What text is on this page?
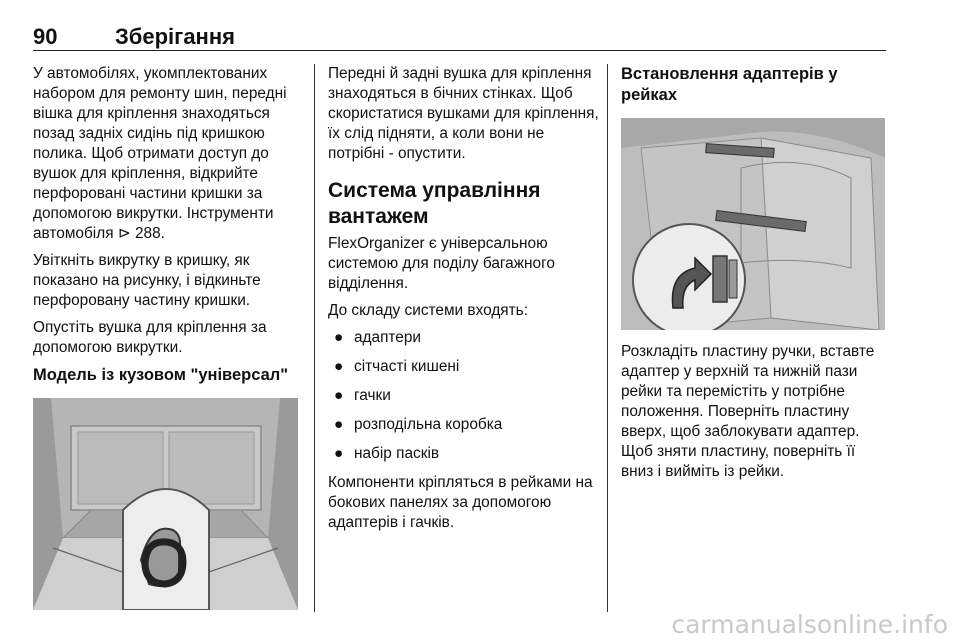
90	Зберігання

У автомобілях, укомплектованих набором для ремонту шин, передні вішка для кріплення знаходяться позад задніх сидінь під кришкою полика. Щоб отримати доступ до вушок для кріплення, відкрийте перфоровані частини кришки за допомогою викрутки. Інструменти автомобіля ⊳ 288.

Увіткніть викрутку в кришку, як показано на рисунку, і відкиньте перфоровану частину кришки.

Опустіть вушка для кріплення за допомогою викрутки.

Модель із кузовом "універсал"

Передні й задні вушка для кріплення знаходяться в бічних стінках. Щоб скористатися вушками для кріплення, їх слід підняти, а коли вони не потрібні - опустити.

Система управління вантажем

FlexOrganizer є універсальною системою для поділу багажного відділення.

До складу системи входять:

● адаптери
● сітчасті кишені
● гачки
● розподільна коробка
● набір пасків

Компоненти кріпляться в рейками на бокових панелях за допомогою адаптерів і гачків.

Встановлення адаптерів у рейках

Розкладіть пластину ручки, вставте адаптер у верхній та нижній пази рейки та перемістіть у потрібне положення. Поверніть пластину вверх, щоб заблокувати адаптер. Щоб зняти пластину, поверніть її вниз і вийміть із рейки.

carmanualsonline.info
